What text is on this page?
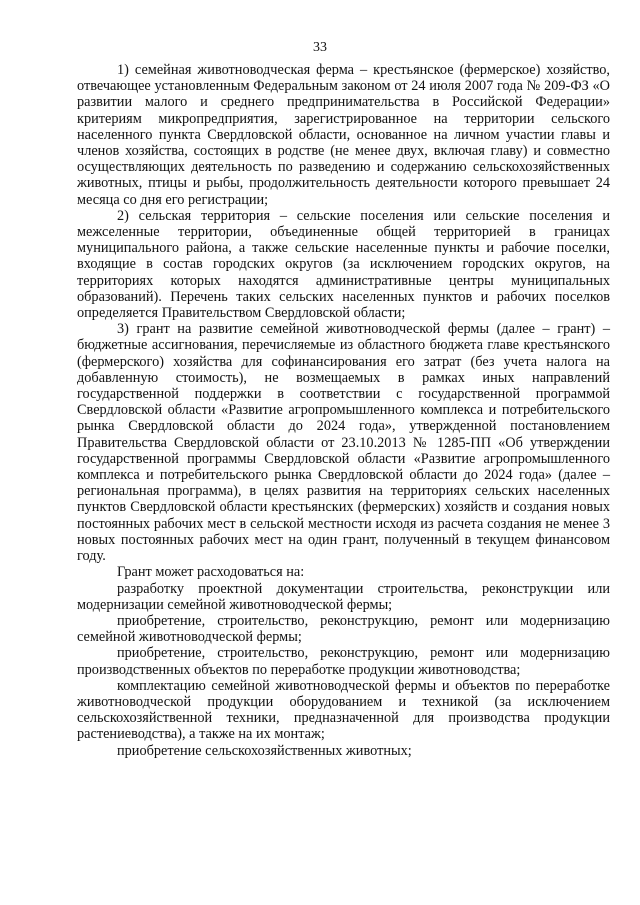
33

1) семейная животноводческая ферма – крестьянское (фермерское) хозяйство, отвечающее установленным Федеральным законом от 24 июля 2007 года № 209-ФЗ «О развитии малого и среднего предпринимательства в Российской Федерации» критериям микропредприятия, зарегистрированное на территории сельского населенного пункта Свердловской области, основанное на личном участии главы и членов хозяйства, состоящих в родстве (не менее двух, включая главу) и совместно осуществляющих деятельность по разведению и содержанию сельскохозяйственных животных, птицы и рыбы, продолжительность деятельности которого превышает 24 месяца со дня его регистрации;

2) сельская территория – сельские поселения или сельские поселения и межселенные территории, объединенные общей территорией в границах муниципального района, а также сельские населенные пункты и рабочие поселки, входящие в состав городских округов (за исключением городских округов, на территориях которых находятся административные центры муниципальных образований). Перечень таких сельских населенных пунктов и рабочих поселков определяется Правительством Свердловской области;

3) грант на развитие семейной животноводческой фермы (далее – грант) – бюджетные ассигнования, перечисляемые из областного бюджета главе крестьянского (фермерского) хозяйства для софинансирования его затрат (без учета налога на добавленную стоимость), не возмещаемых в рамках иных направлений государственной поддержки в соответствии с государственной программой Свердловской области «Развитие агропромышленного комплекса и потребительского рынка Свердловской области до 2024 года», утвержденной постановлением Правительства Свердловской области от 23.10.2013 № 1285-ПП «Об утверждении государственной программы Свердловской области «Развитие агропромышленного комплекса и потребительского рынка Свердловской области до 2024 года» (далее – региональная программа), в целях развития на территориях сельских населенных пунктов Свердловской области крестьянских (фермерских) хозяйств и создания новых постоянных рабочих мест в сельской местности исходя из расчета создания не менее 3 новых постоянных рабочих мест на один грант, полученный в текущем финансовом году.

Грант может расходоваться на:

разработку проектной документации строительства, реконструкции или модернизации семейной животноводческой фермы;

приобретение, строительство, реконструкцию, ремонт или модернизацию семейной животноводческой фермы;

приобретение, строительство, реконструкцию, ремонт или модернизацию производственных объектов по переработке продукции животноводства;

комплектацию семейной животноводческой фермы и объектов по переработке животноводческой продукции оборудованием и техникой (за исключением сельскохозяйственной техники, предназначенной для производства продукции растениеводства), а также на их монтаж;

приобретение сельскохозяйственных животных;
